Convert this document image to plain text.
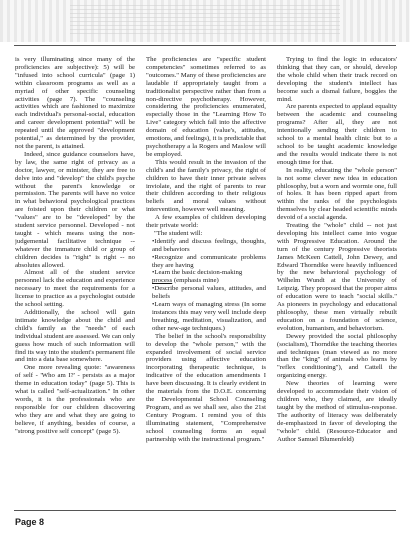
is very illuminating since many of the proficiencies are subjective): 5) will be "infused into school curricula" (page 1) within classroom programs as well as a myriad of other specific counseling activities (page 7). The "counseling activities which are fashioned to maximize each individual's personal-social, education and career development potential" will be repeated until the approved "development potential," as determined by the provider, not the parent, is attained.

Indeed, since guidance counselors have, by law, the same right of privacy as a doctor, lawyer, or minister, they are free to delve into and "develop" the child's psyche without the parent's knowledge or permission. The parents will have no voice in what behavioral psychological practices are foisted upon their children or what "values" are to be "developed" by the student service personnel. Developed - not taught - which means using the non-judgemental facilitative technique -- whatever the immature child or group of children decides is "right" is right -- no absolutes allowed.

Almost all of the student service personnel lack the education and experience necessary to meet the requirements for a license to practice as a psychologist outside the school setting.

Additionally, the school will gain intimate knowledge about the child and child's family as the "needs" of each individual student are assessed. We can only guess how much of such information will find its way into the student's permanent file and into a data base somewhere.

One more revealing quote: "awareness of self - 'Who am I?' - persists as a major theme in education today" (page 5). This is what is called "self-actualization." In other words, it is the professionals who are responsible for our children discovering who they are and what they are going to believe, if anything, besides of course, a "strong positive self concept" (page 5).

The proficiencies are "specific student competencies" sometimes referred to as "outcomes." Many of these proficiencies are laudable if appropriately taught from a traditionalist perspective rather than from a non-directive psychotherapy. However, considering the proficiencies enumerated, especially those in the "Learning How To Live" category which fall into the affective domain of education (value's, attitudes, emotions, and feelings), it is predictable that psychotherapy a la Rogers and Maslow will be employed.

This would result in the invasion of the child's and the family's privacy, the right of children to have their inner private selves inviolate, and the right of parents to rear their children according to their religious beliefs and moral values without intervention, however well meaning.

A few examples of children developing their private world:

"The student will:

• Identify and discuss feelings, thoughts, and behaviors

• Recognize and communicate problems they are having

• Learn the basic decision-making

process (emphasis mine)

• Describe personal values, attitudes, and beliefs

• Learn ways of managing stress (In some instances this may very well include deep breathing, meditation, visualization, and other new-age techniques.)

The belief in the school's responsibility to develop the "whole person," with the expanded involvement of social service providers using affective education incorporating therapeutic technique, is indicative of the education amendments I have been discussing. It is clearly evident in the materials from the D.O.E. concerning the Developmental School Counseling Program, and as we shall see, also the 21st Century Program. I remind you of this illuminating statement, "Comprehensive school counseling forms an equal partnership with the instructional program."

Trying to find the logic in educators' thinking that they can, or should, develop the whole child when their track record on developing the student's intellect has become such a dismal failure, boggles the mind.

Are parents expected to applaud equality between the academic and counseling programs? After all, they are not intentionally sending their children to school to a mental health clinic but to a school to be taught academic knowledge and the results would indicate there is not enough time for that.

In reality, educating the "whole person" is not some clever new idea in education philosophy, but a worn and wormie one, full of holes. It has been ripped apart from within the ranks of the psychologists themselves by clear headed scientific minds devoid of a social agenda.

Treating the "whole" child -- not just developing his intellect came into vogue with Progressive Education. Around the turn of the century Progressive theorists James McKeen Cattell, John Dewey, and Edward Thorndike were heavily influenced by the new behavioral psychology of Wilhelm Wundt at the University of Leipzig. They proposed that the proper aims of education were to teach "social skills." As pioneers in psychology and educational philosophy, these men virtually rebuilt education on a foundation of science, evolution, humanism, and behaviorism.

Dewey provided the social philosophy (socialism), Thorndike the teaching theories and techniques (man viewed as no more than the "king" of animals who learns by "reflex conditioning"), and Cattell the organizing energy.

New theories of learning were developed to accommodate their vision of children who, they claimed, are ideally taught by the method of stimulus-response. The authority of literacy was deliberately de-emphasized in favor of developing the "whole" child. (Resource-Educator and Author Samuel Blumenfeld)

Page 8
